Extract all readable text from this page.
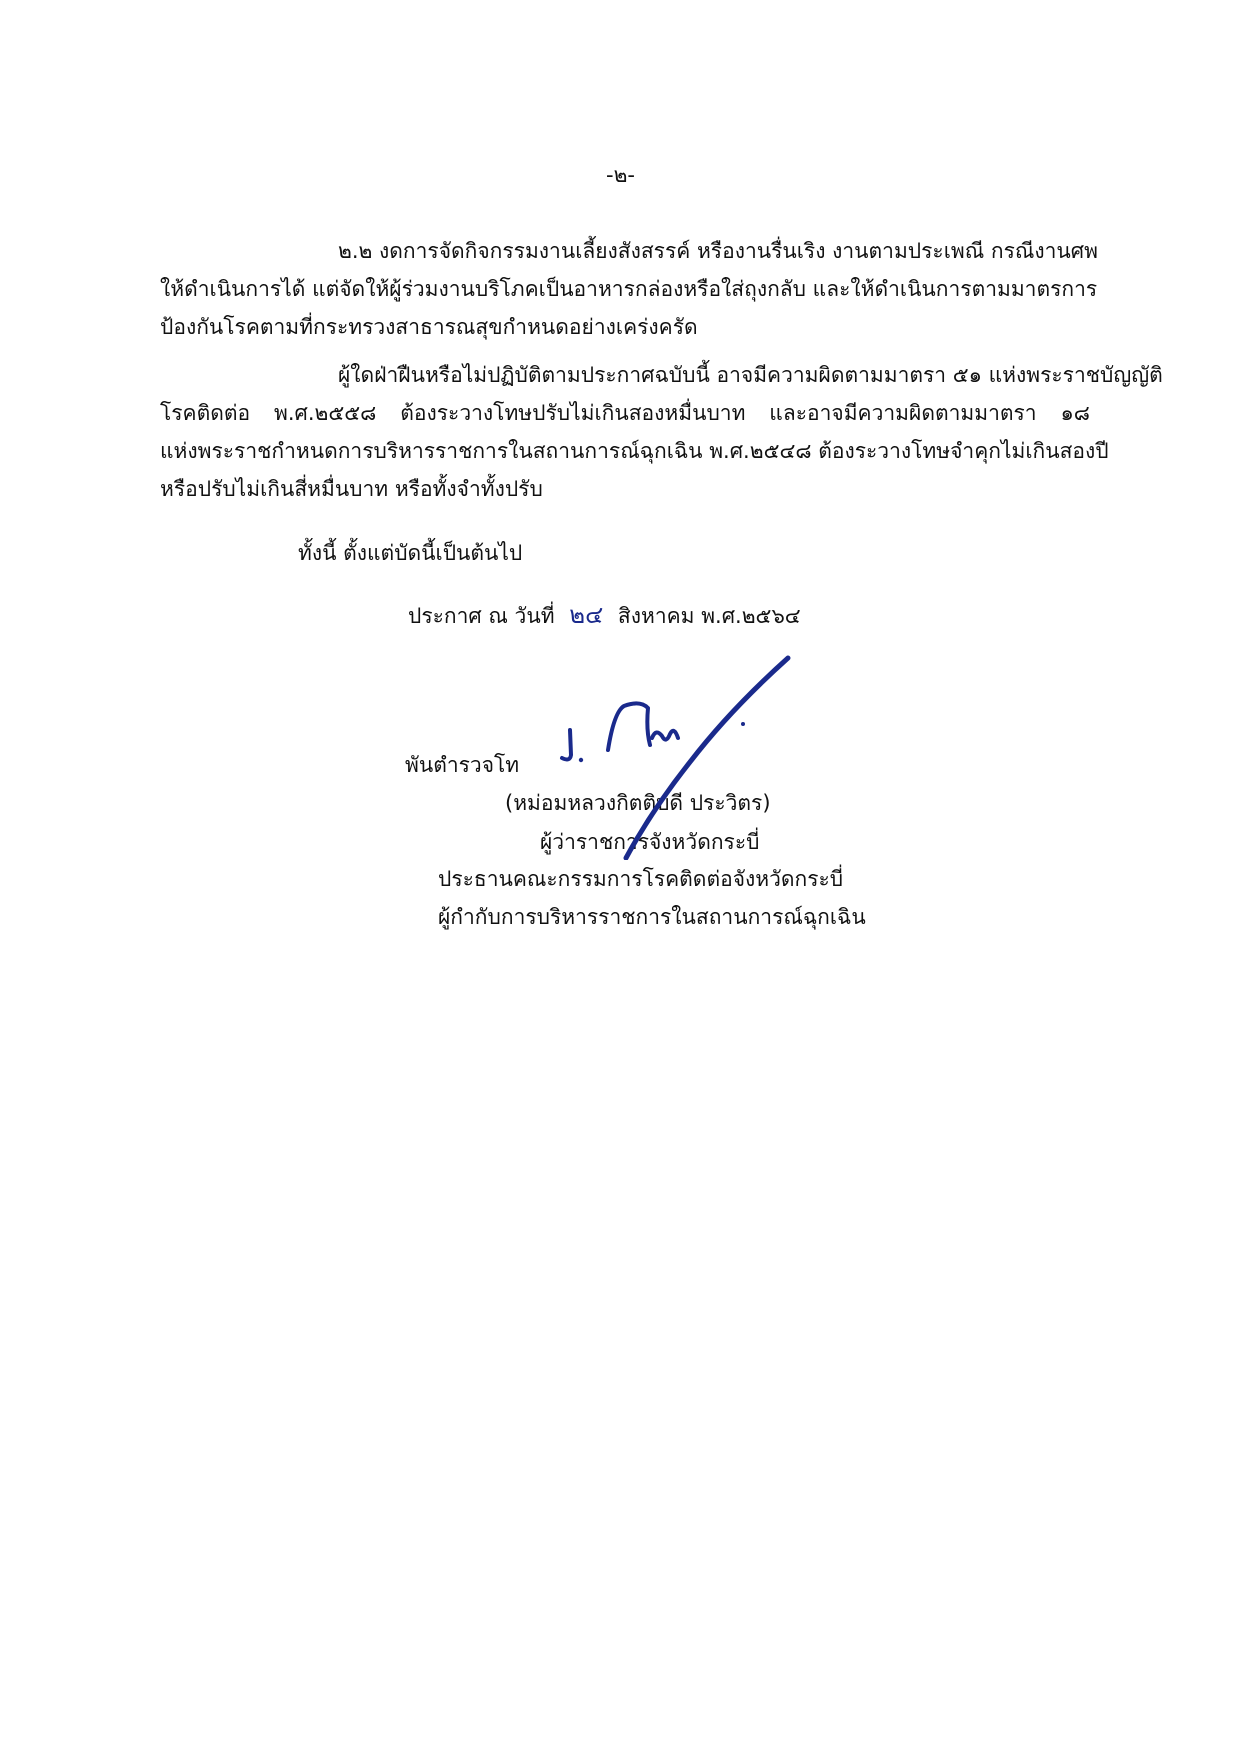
-๒-
๒.๒ งดการจัดกิจกรรมงานเลี้ยงสังสรรค์ หรืองานรื่นเริง งานตามประเพณี กรณีงานศพ
ให้ดำเนินการได้ แต่จัดให้ผู้ร่วมงานบริโภคเป็นอาหารกล่องหรือใส่ถุงกลับ และให้ดำเนินการตามมาตรการ
ป้องกันโรคตามที่กระทรวงสาธารณสุขกำหนดอย่างเคร่งครัด
ผู้ใดฝ่าฝืนหรือไม่ปฏิบัติตามประกาศฉบับนี้ อาจมีความผิดตามมาตรา ๕๑ แห่งพระราชบัญญัติ
โรคติดต่อ พ.ศ.๒๕๕๘ ต้องระวางโทษปรับไม่เกินสองหมื่นบาท และอาจมีความผิดตามมาตรา ๑๘
แห่งพระราชกำหนดการบริหารราชการในสถานการณ์ฉุกเฉิน พ.ศ.๒๕๔๘ ต้องระวางโทษจำคุกไม่เกินสองปี
หรือปรับไม่เกินสี่หมื่นบาท หรือทั้งจำทั้งปรับ
ทั้งนี้ ตั้งแต่บัดนี้เป็นต้นไป
ประกาศ ณ วันที่ ๒๔ สิงหาคม พ.ศ.๒๕๖๔
พันตำรวจโท
(หม่อมหลวงกิตติบดี ประวิตร)
ผู้ว่าราชการจังหวัดกระบี่
ประธานคณะกรรมการโรคติดต่อจังหวัดกระบี่
ผู้กำกับการบริหารราชการในสถานการณ์ฉุกเฉิน
